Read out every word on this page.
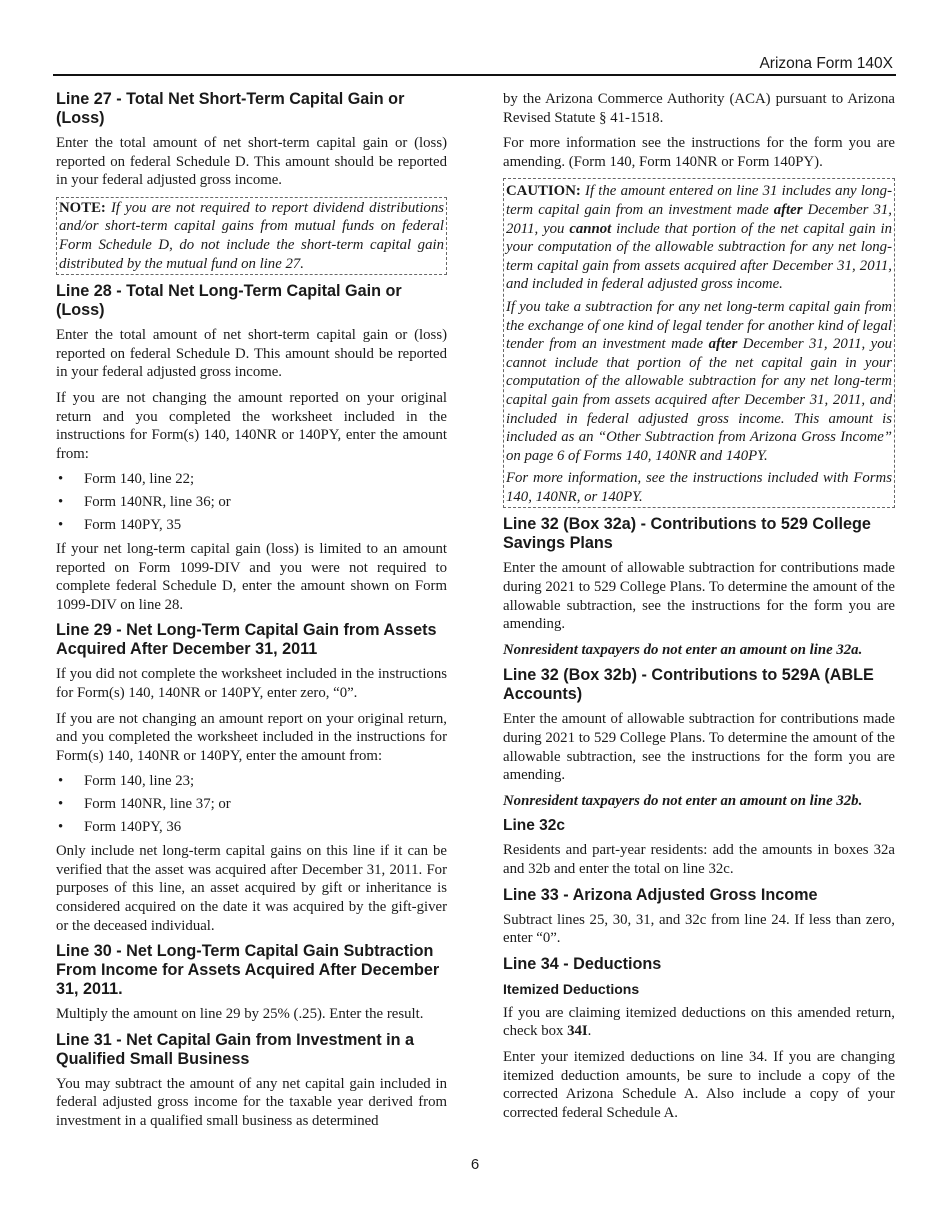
Arizona Form 140X
Line 27 - Total Net Short-Term Capital Gain or (Loss)

Enter the total amount of net short-term capital gain or (loss) reported on federal Schedule D. This amount should be reported in your federal adjusted gross income.

NOTE: If you are not required to report dividend distributions and/or short-term capital gains from mutual funds on federal Form Schedule D, do not include the short-term capital gain distributed by the mutual fund on line 27.

Line 28 - Total Net Long-Term Capital Gain or (Loss)

Enter the total amount of net short-term capital gain or (loss) reported on federal Schedule D. This amount should be reported in your federal adjusted gross income.

If you are not changing the amount reported on your original return and you completed the worksheet included in the instructions for Form(s) 140, 140NR or 140PY, enter the amount from:

• Form 140, line 22;
• Form 140NR, line 36; or
• Form 140PY, 35

If your net long-term capital gain (loss) is limited to an amount reported on Form 1099-DIV and you were not required to complete federal Schedule D, enter the amount shown on Form 1099-DIV on line 28.

Line 29 - Net Long-Term Capital Gain from Assets Acquired After December 31, 2011

If you did not complete the worksheet included in the instructions for Form(s) 140, 140NR or 140PY, enter zero, “0”.

If you are not changing an amount report on your original return, and you completed the worksheet included in the instructions for Form(s) 140, 140NR or 140PY, enter the amount from:

• Form 140, line 23;
• Form 140NR, line 37; or
• Form 140PY, 36

Only include net long-term capital gains on this line if it can be verified that the asset was acquired after December 31, 2011. For purposes of this line, an asset acquired by gift or inheritance is considered acquired on the date it was acquired by the gift-giver or the deceased individual.

Line 30 - Net Long-Term Capital Gain Subtraction From Income for Assets Acquired After December 31, 2011.

Multiply the amount on line 29 by 25% (.25). Enter the result.

Line 31 - Net Capital Gain from Investment in a Qualified Small Business

You may subtract the amount of any net capital gain included in federal adjusted gross income for the taxable year derived from investment in a qualified small business as determined

by the Arizona Commerce Authority (ACA) pursuant to Arizona Revised Statute § 41-1518.

For more information see the instructions for the form you are amending. (Form 140, Form 140NR or Form 140PY).

CAUTION: If the amount entered on line 31 includes any long-term capital gain from an investment made after December 31, 2011, you cannot include that portion of the net capital gain in your computation of the allowable subtraction for any net long-term capital gain from assets acquired after December 31, 2011, and included in federal adjusted gross income.

If you take a subtraction for any net long-term capital gain from the exchange of one kind of legal tender for another kind of legal tender from an investment made after December 31, 2011, you cannot include that portion of the net capital gain in your computation of the allowable subtraction for any net long-term capital gain from assets acquired after December 31, 2011, and included in federal adjusted gross income. This amount is included as an “Other Subtraction from Arizona Gross Income” on page 6 of Forms 140, 140NR and 140PY.

For more information, see the instructions included with Forms 140, 140NR, or 140PY.

Line 32 (Box 32a) - Contributions to 529 College Savings Plans

Enter the amount of allowable subtraction for contributions made during 2021 to 529 College Plans. To determine the amount of the allowable subtraction, see the instructions for the form you are amending.

Nonresident taxpayers do not enter an amount on line 32a.

Line 32 (Box 32b) - Contributions to 529A (ABLE Accounts)

Enter the amount of allowable subtraction for contributions made during 2021 to 529 College Plans. To determine the amount of the allowable subtraction, see the instructions for the form you are amending.

Nonresident taxpayers do not enter an amount on line 32b.

Line 32c

Residents and part-year residents: add the amounts in boxes 32a and 32b and enter the total on line 32c.

Line 33 - Arizona Adjusted Gross Income

Subtract lines 25, 30, 31, and 32c from line 24. If less than zero, enter “0”.

Line 34 - Deductions
Itemized Deductions

If you are claiming itemized deductions on this amended return, check box 34I.

Enter your itemized deductions on line 34. If you are changing itemized deduction amounts, be sure to include a copy of the corrected Arizona Schedule A. Also include a copy of your corrected federal Schedule A.

6
